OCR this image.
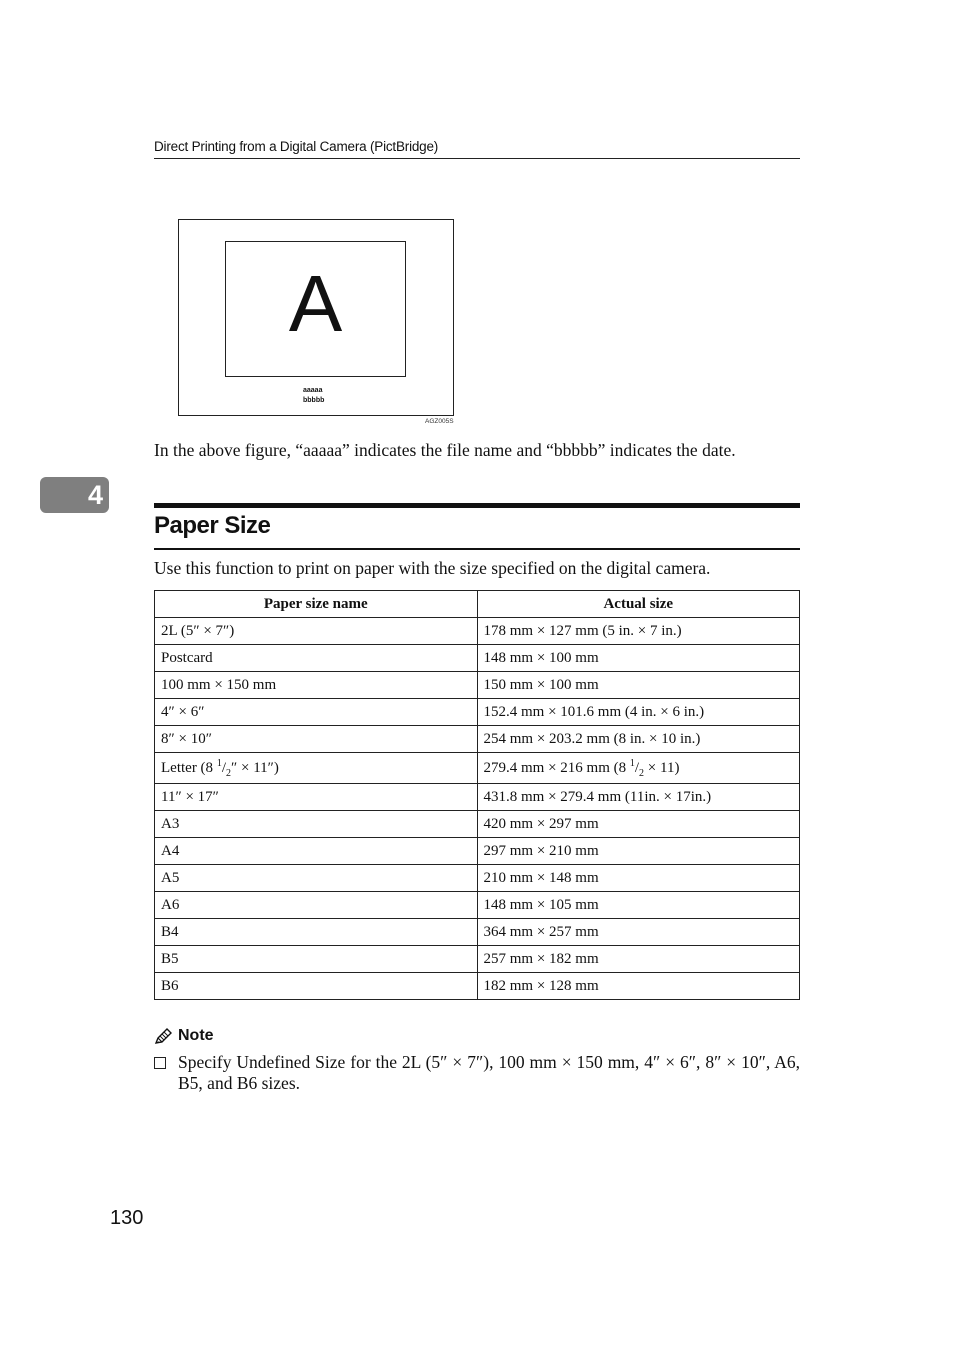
Direct Printing from a Digital Camera (PictBridge)
A
aaaaa
bbbbb
AGZ005S
In the above figure, “aaaaa” indicates the file name and “bbbbb” indicates the date.
4
Paper Size
Use this function to print on paper with the size specified on the digital camera.
Paper size name	Actual size
2L (5″ × 7″)	178 mm × 127 mm (5 in. × 7 in.)
Postcard	148 mm × 100 mm
100 mm × 150 mm	150 mm × 100 mm
4″ × 6″	152.4 mm × 101.6 mm (4 in. × 6 in.)
8″ × 10″	254 mm × 203.2 mm (8 in. × 10 in.)
Letter (8 $^1/_2'' \times 11''$)	279.4 mm × 216 mm (8 $^1/_2 \times 11$)
11″ × 17″	431.8 mm × 279.4 mm (11in. × 17in.)
A3	420 mm × 297 mm
A4	297 mm × 210 mm
A5	210 mm × 148 mm
A6	148 mm × 105 mm
B4	364 mm × 257 mm
B5	257 mm × 182 mm
B6	182 mm × 128 mm
Note
Specify Undefined Size for the 2L (5″ × 7″), 100 mm × 150 mm, 4″ × 6″, 8″ × 10″, A6, B5, and B6 sizes.
130
